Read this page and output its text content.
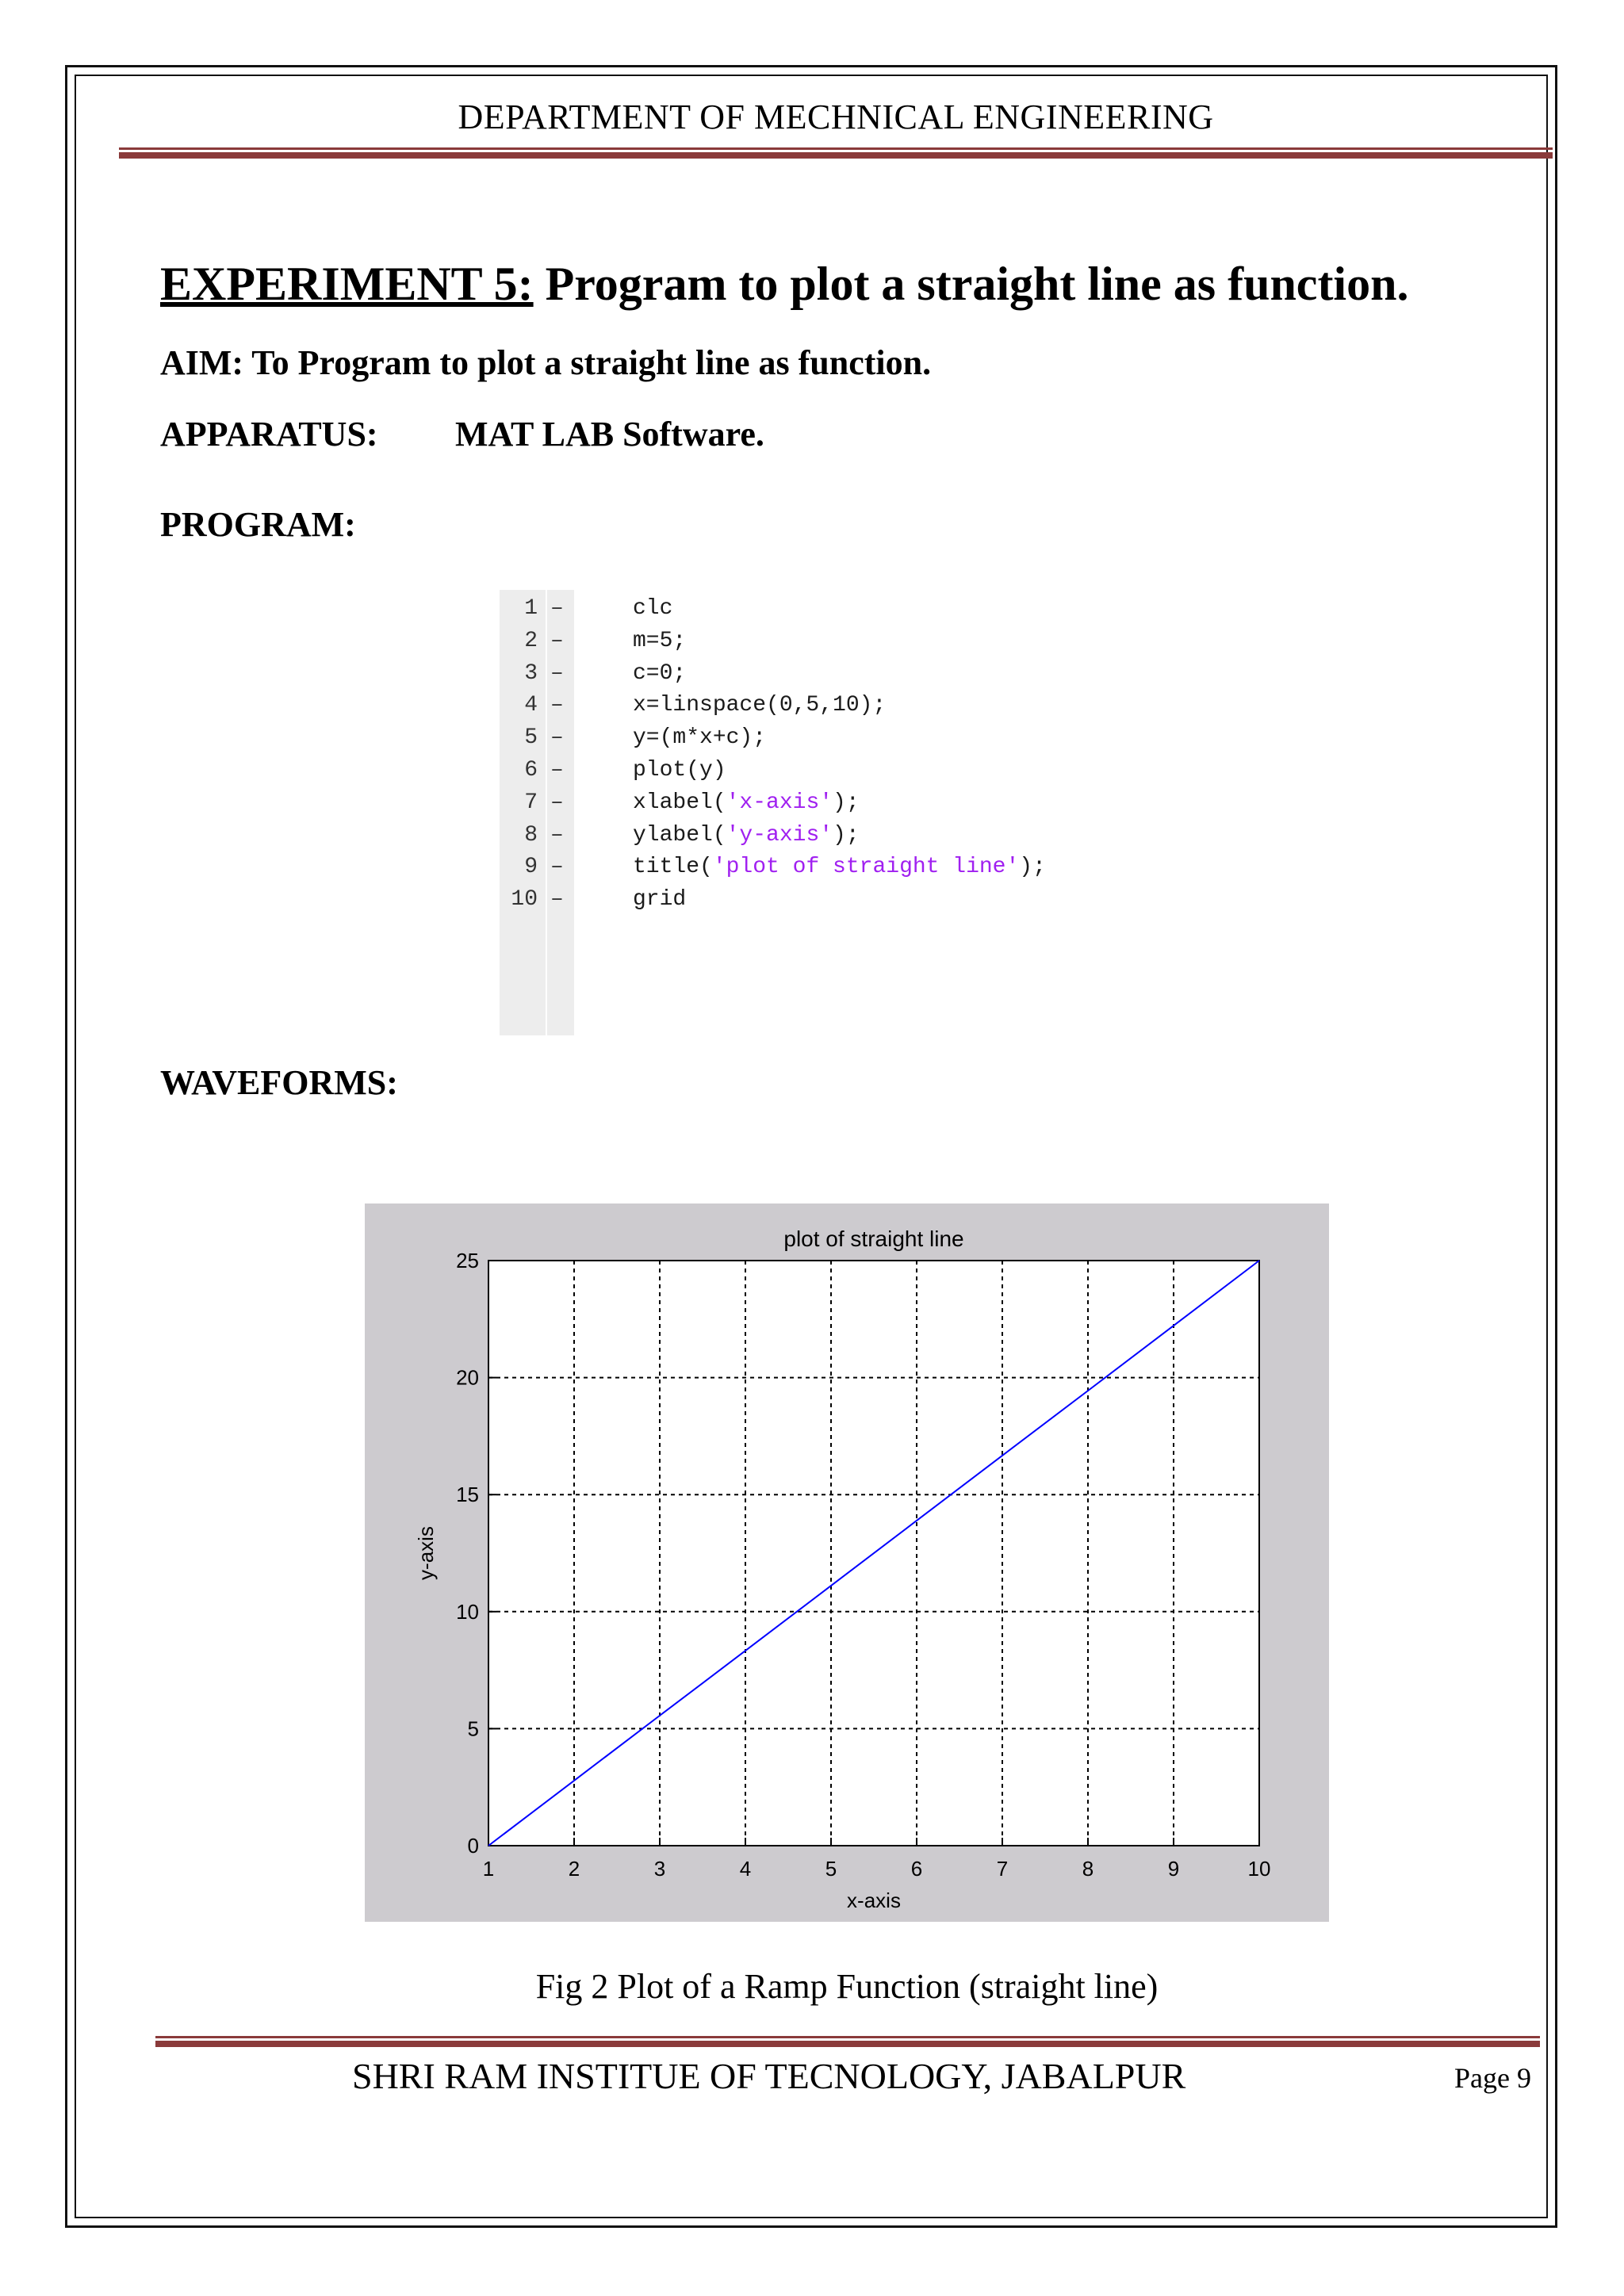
DEPARTMENT OF MECHNICAL ENGINEERING
EXPERIMENT 5: Program to plot a straight line as function.
AIM: To Program to plot a straight line as function.
APPARATUS: MAT LAB Software.
PROGRAM:
1 –	clc
2 –	m=5;
3 –	c=0;
4 –	x=linspace(0,5,10);
5 –	y=(m*x+c);
6 –	plot(y)
7 –	xlabel('x-axis');
8 –	ylabel('y-axis');
9 –	title('plot of straight line');
10 –	grid
WAVEFORMS:
1	2	3	4	5	6	7	8	9	10
0
5
10
15
20
25
plot of straight line
x-axis
y-axis
Fig 2 Plot of a Ramp Function (straight line)
SHRI RAM INSTITUE OF TECNOLOGY, JABALPUR	Page 9
